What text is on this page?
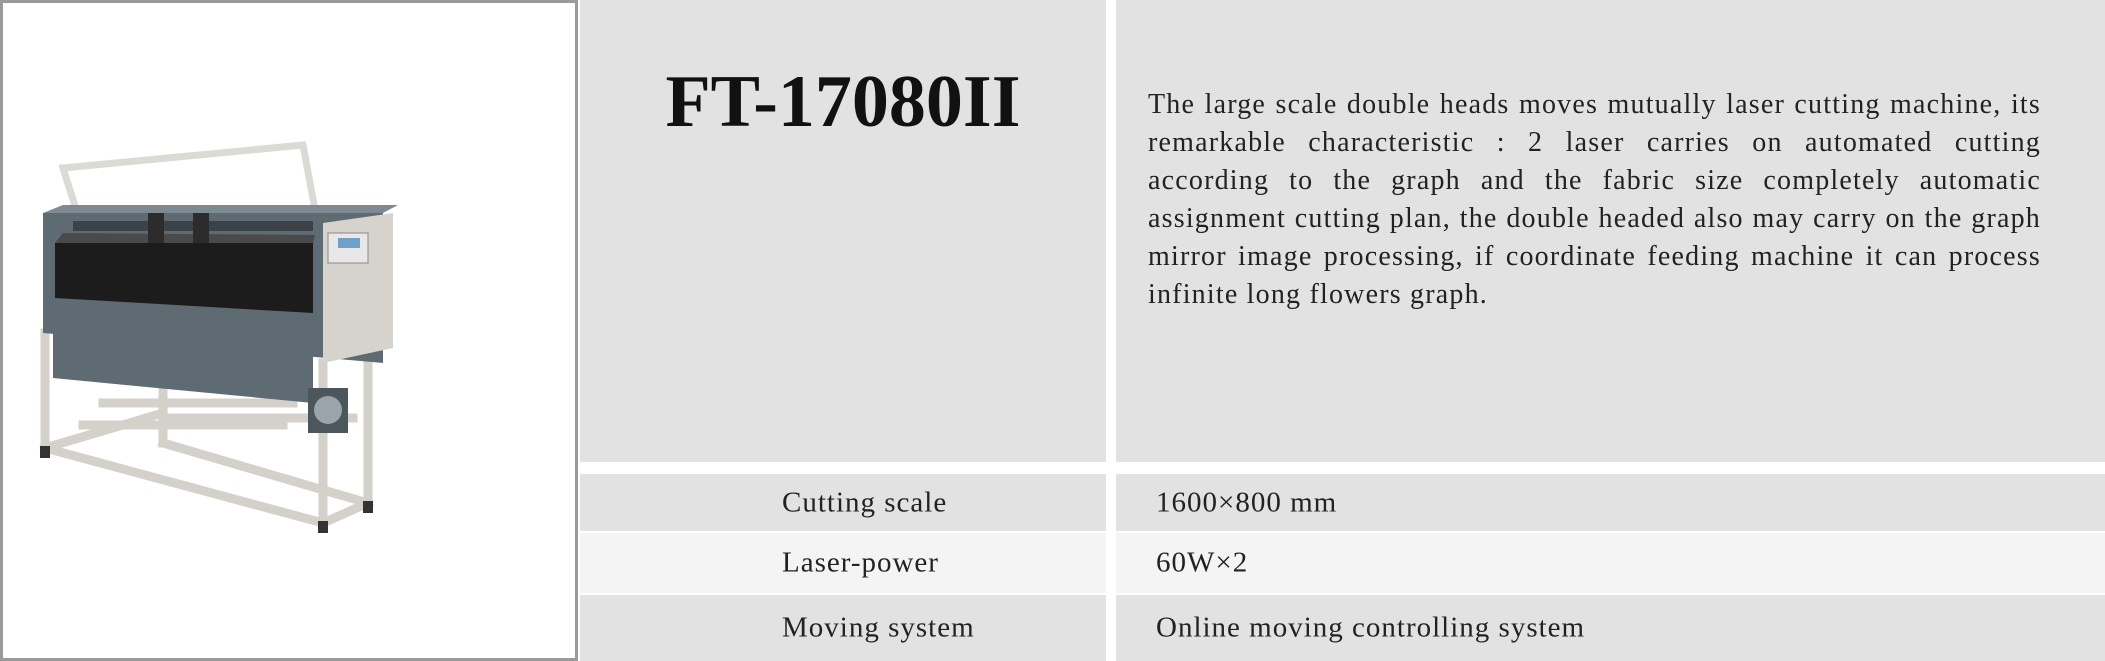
FT-17080II	The large scale double heads moves mutually laser cutting machine, its remarkable characteristic : 2 laser carries on automated cutting according to the graph and the fabric size completely automatic assignment cutting plan, the double headed also may carry on the graph mirror image processing, if coordinate feeding machine it can process infinite long flowers graph.

Cutting scale	1600×800 mm
Laser-power	60W×2
Moving system	Online moving controlling system
